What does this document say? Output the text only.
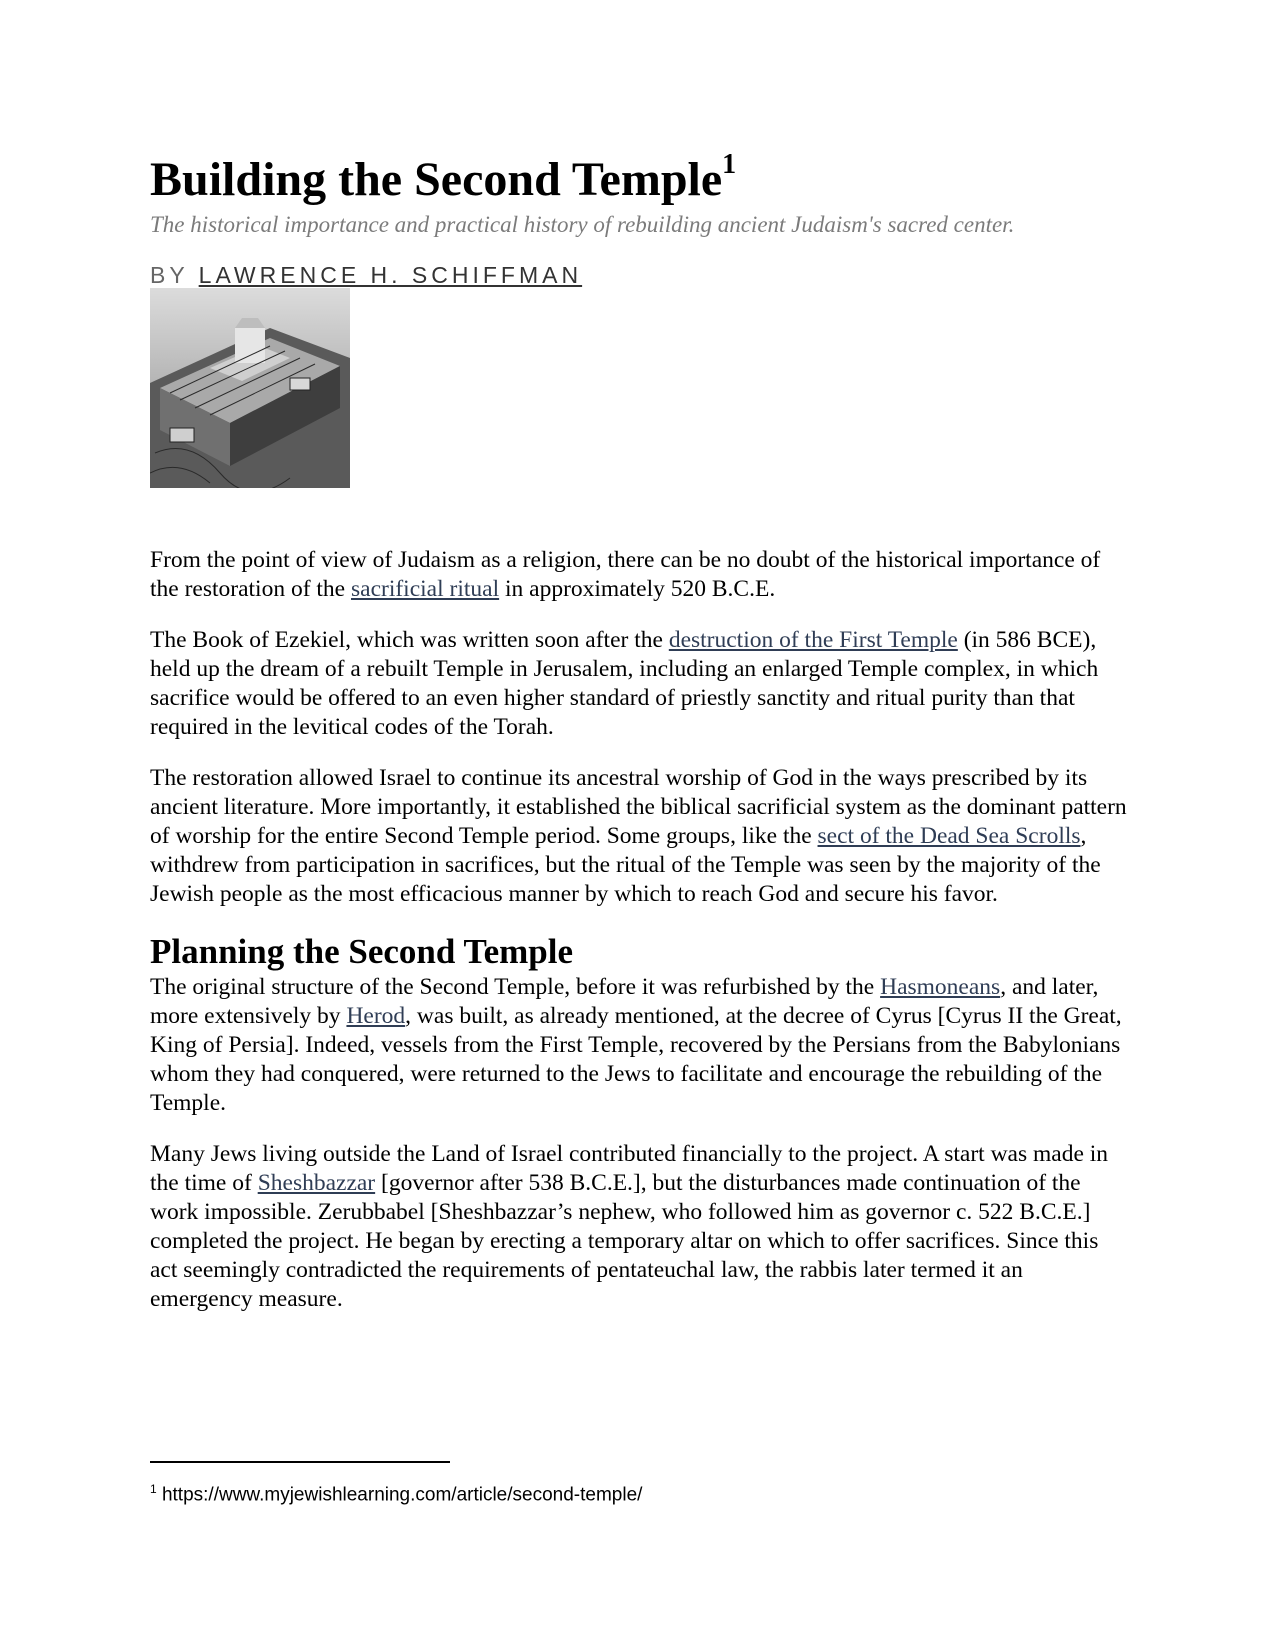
Building the Second Temple$^1$

The historical importance and practical history of rebuilding ancient Judaism's sacred center.

BY LAWRENCE H. SCHIFFMAN

From the point of view of Judaism as a religion, there can be no doubt of the historical importance of the restoration of the sacrificial ritual in approximately 520 B.C.E.

The Book of Ezekiel, which was written soon after the destruction of the First Temple (in 586 BCE), held up the dream of a rebuilt Temple in Jerusalem, including an enlarged Temple complex, in which sacrifice would be offered to an even higher standard of priestly sanctity and ritual purity than that required in the levitical codes of the Torah.

The restoration allowed Israel to continue its ancestral worship of God in the ways prescribed by its ancient literature. More importantly, it established the biblical sacrificial system as the dominant pattern of worship for the entire Second Temple period. Some groups, like the sect of the Dead Sea Scrolls, withdrew from participation in sacrifices, but the ritual of the Temple was seen by the majority of the Jewish people as the most efficacious manner by which to reach God and secure his favor.

Planning the Second Temple

The original structure of the Second Temple, before it was refurbished by the Hasmoneans, and later, more extensively by Herod, was built, as already mentioned, at the decree of Cyrus [Cyrus II the Great, King of Persia]. Indeed, vessels from the First Temple, recovered by the Persians from the Babylonians whom they had conquered, were returned to the Jews to facilitate and encourage the rebuilding of the Temple.

Many Jews living outside the Land of Israel contributed financially to the project. A start was made in the time of Sheshbazzar [governor after 538 B.C.E.], but the disturbances made continuation of the work impossible. Zerubbabel [Sheshbazzar’s nephew, who followed him as governor c. 522 B.C.E.] completed the project. He began by erecting a temporary altar on which to offer sacrifices. Since this act seemingly contradicted the requirements of pentateuchal law, the rabbis later termed it an emergency measure.

$^1$ https://www.myjewishlearning.com/article/second-temple/
